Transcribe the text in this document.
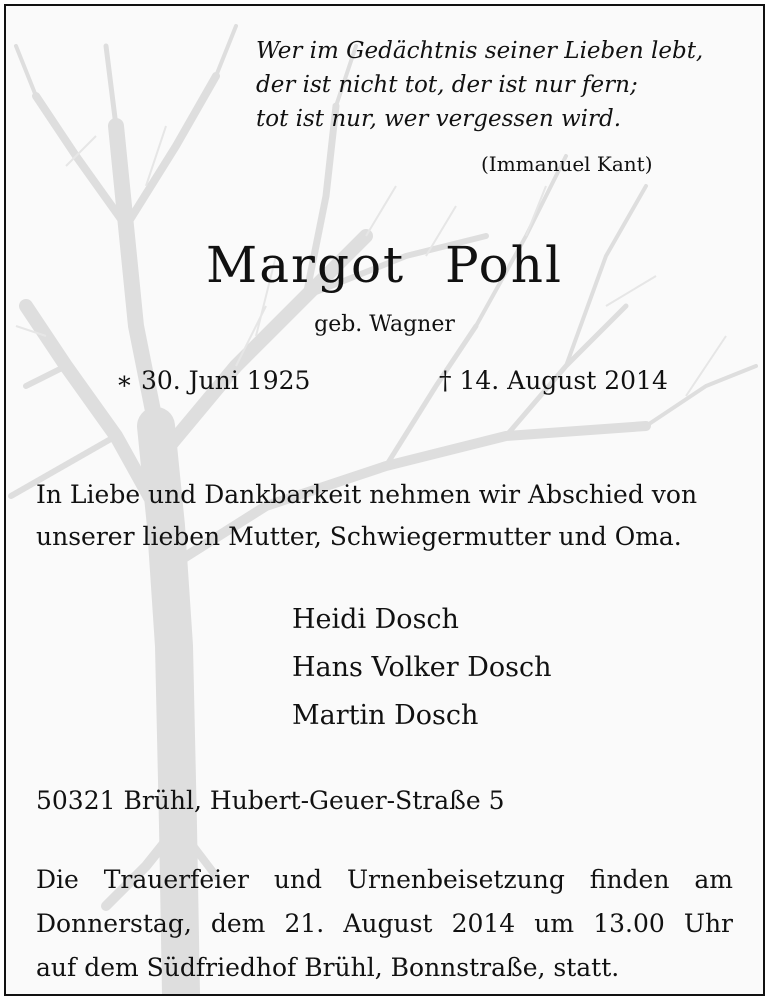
Wer im Gedächtnis seiner Lieben lebt,
der ist nicht tot, der ist nur fern;
tot ist nur, wer vergessen wird.
(Immanuel Kant)
Margot Pohl
geb. Wagner
∗ 30. Juni 1925	† 14. August 2014
In Liebe und Dankbarkeit nehmen wir Abschied von
unserer lieben Mutter, Schwiegermutter und Oma.
Heidi Dosch
Hans Volker Dosch
Martin Dosch
50321 Brühl, Hubert-Geuer-Straße 5
Die Trauerfeier und Urnenbeisetzung finden am
Donnerstag, dem 21. August 2014 um 13.00 Uhr
auf dem Südfriedhof Brühl, Bonnstraße, statt.
